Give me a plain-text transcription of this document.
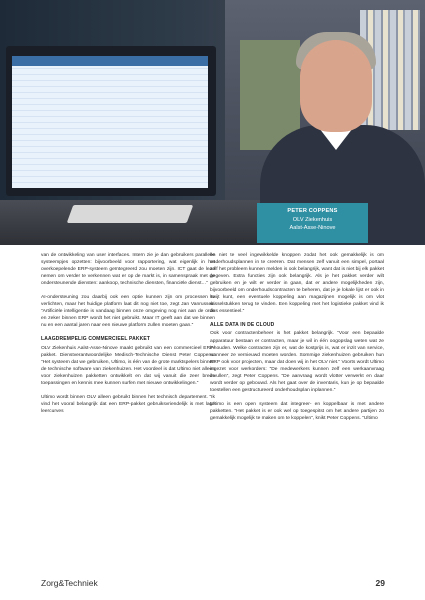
PETER COPPENS
OLV Ziekenhuis
Aalst-Asse-Ninove

van de ontwikkeling van user interfaces. Intern zie je dan gebruikers parallelle systeempjes opzetten: bijvoorbeeld voor rapportering, wat eigenlijk in het overkoepelende ERP-systeem geïntegreerd zou moeten zijn. ICT gaat de lead nemen om verder te verkennen wat er op de markt is, in samenspraak met de ondersteunende diensten: aankoop, technische diensten, financiële dienst…”

AI-ondersteuning zou daarbij ook een optie kunnen zijn om processen te verlichten, maar het huidige platform laat dit nog niet toe, zegt Jan Vanrusselt. “Artificiële intelligentie is vandaag binnen onze omgeving nog niet aan de orde en zeker binnen ERP wordt het niet gebruikt. Maar IT geeft aan dat we binnen nu en een aantal jaren naar een nieuwe platform zullen moeten gaan.”

LAAGDREMPELIG COMMERCIEEL PAKKET

OLV Ziekenhuis Aalst-Asse-Ninove maakt gebruikt van een commercieel ERP-pakket. Dienstverantwoordelijke Medisch-Technische Dienst Peter Coppens: “Het systeem dat we gebruiken, Ultimo, is één van de grote marktspelers binnen de technische software van ziekenhuizen. Het voordeel is dat Ultimo niet alleen voor ziekenhuizen pakketten ontwikkelt en dat wij vanuit die zeer brede toepassingen en kennis mee kunnen surfen met nieuwe ontwikkelingen.”

Ultimo wordt binnen OLV alleen gebruikt binnen het technisch departement. “Ik vind het vooral belangrijk dat een ERP-pakket gebruiksvriendelijk is met lage leercurves

en niet te veel ingewikkelde knoppen zodat het ook gemakkelijk is om onderhoudsplannen in te creëren. Dat mensen zelf vanuit een simpel, portaal zelf het probleem kunnen melden is ook belangrijk, want dat is niet bij elk pakket gegeven. Extra functies zijn ook belangrijk. Als je het pakket verder wilt gebruiken en je wilt er verder in gaan, dat er andere mogelijkheden zijn, bijvoorbeeld om onderhoudscontracten te beheren, dat je je lokale lijst er ook in kwijt kunt, een eventuele koppeling aan magazijnen mogelijk is om vlot wisselstukken terug te vinden. Een koppeling met het logistieke pakket vind ik dus essentieel.”

ALLE DATA IN DE CLOUD

Ook voor contractenbeheer is het pakket belangrijk. “Voor een bepaalde apparatuur bestaan er contracten, maar je wil in één oogopslag weten wat ze inhouden. Welke contracten zijn er, wat de kostprijs is, wat er inzit van service, wanneer ze vernieuwd moeten worden. Sommige ziekenhuizen gebruiken hun ERP ook voor projecten, maar dat doen wij in het OLV niet.” Voorts wordt Ultimo ingezet voor werkorders: “De medewerkers kunnen zelf een werkaanvraag invullen”, zegt Peter Coppens. “De aanvraag wordt vlotter verwerkt en daar wordt verder op gebouwd. Als het gaat over de inventaris, kun je op bepaalde toestellen een gestructureerd onderhoudsplan inplannen.”

Ultimo is een open systeem dat integreer- en koppelbaar is met andere pakketten. “Het pakket is er ook wel op toegespitst om het andere partijen zo gemakkelijk mogelijk te maken om te koppelen”, knikt Peter Coppens. “Ultimo

Zorg&Techniek	29
